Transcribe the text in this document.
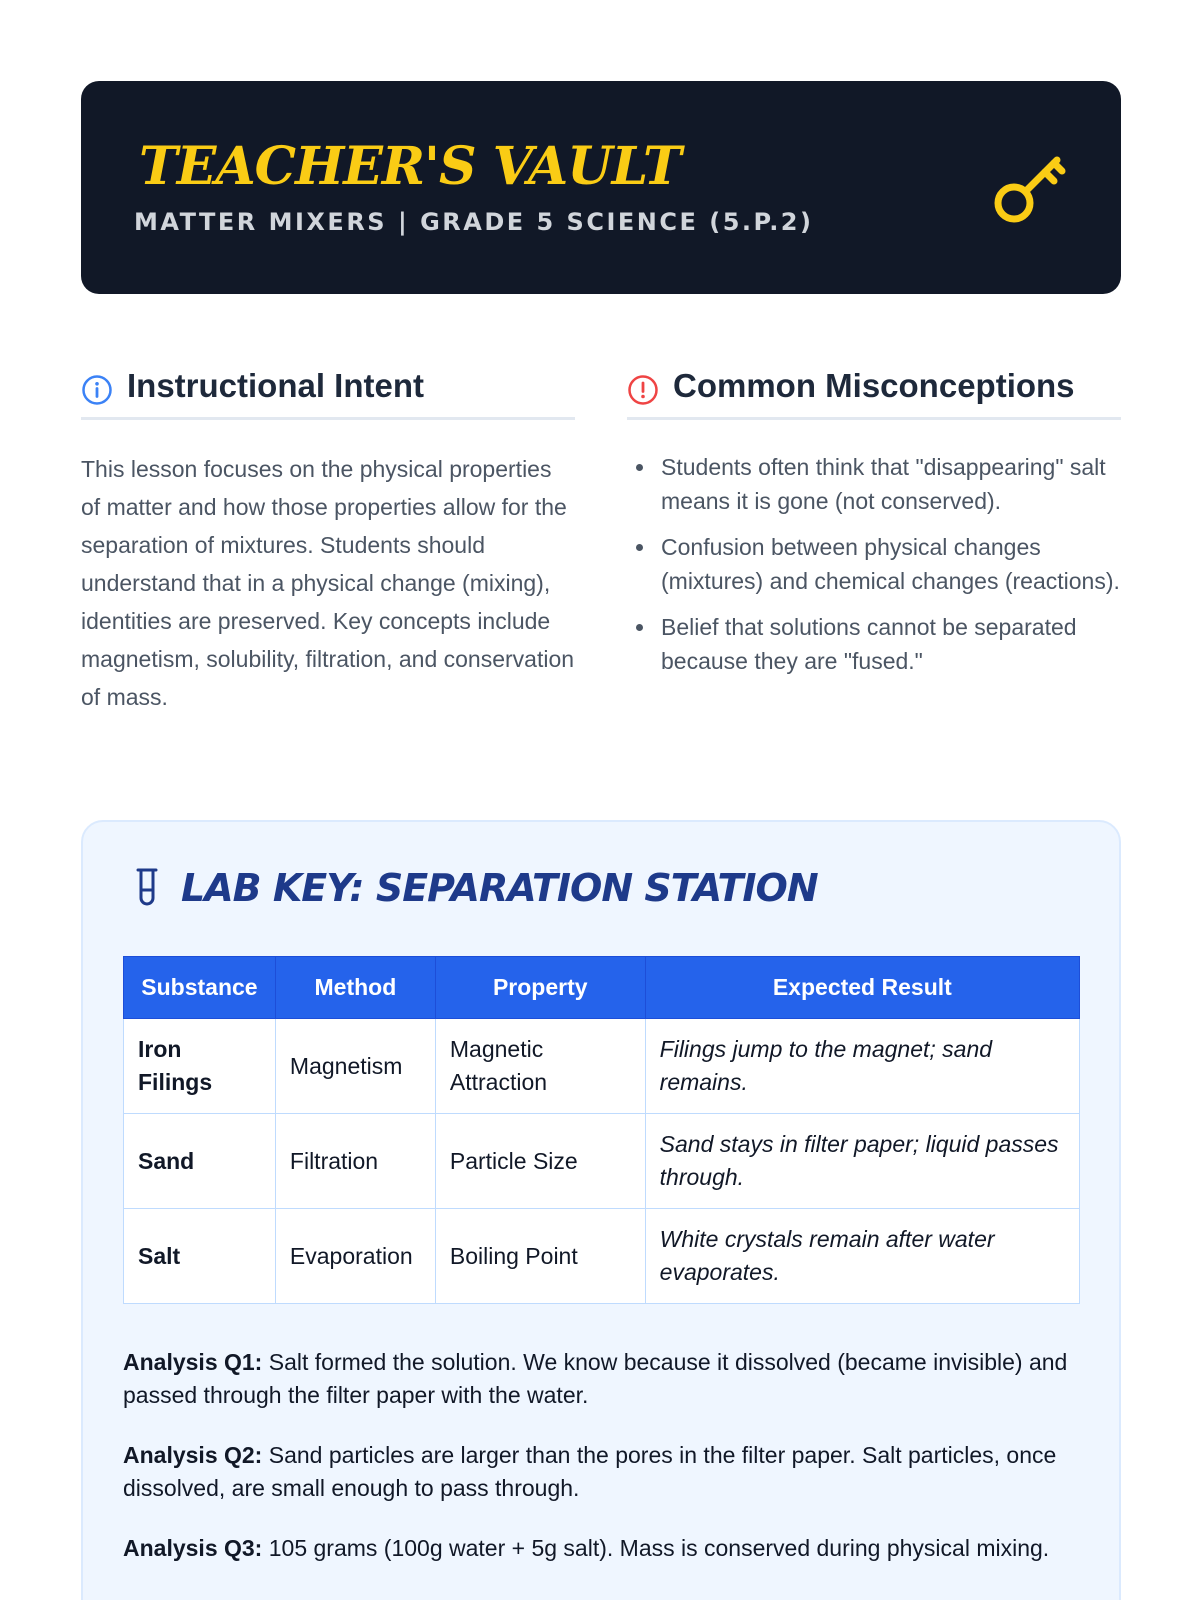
TEACHER'S VAULT
MATTER MIXERS | GRADE 5 SCIENCE (5.P.2)
Instructional Intent

This lesson focuses on the physical properties of matter and how those properties allow for the separation of mixtures. Students should understand that in a physical change (mixing), identities are preserved. Key concepts include magnetism, solubility, filtration, and conservation of mass.

Common Misconceptions
Students often think that "disappearing" salt means it is gone (not conserved).
Confusion between physical changes (mixtures) and chemical changes (reactions).
Belief that solutions cannot be separated because they are "fused."
LAB KEY: SEPARATION STATION
Substance	Method	Property	Expected Result
Iron Filings	Magnetism	Magnetic Attraction	Filings jump to the magnet; sand remains.
Sand	Filtration	Particle Size	Sand stays in filter paper; liquid passes through.
Salt	Evaporation	Boiling Point	White crystals remain after water evaporates.

Analysis Q1: Salt formed the solution. We know because it dissolved (became invisible) and passed through the filter paper with the water.

Analysis Q2: Sand particles are larger than the pores in the filter paper. Salt particles, once dissolved, are small enough to pass through.

Analysis Q3: 105 grams (100g water + 5g salt). Mass is conserved during physical mixing.
